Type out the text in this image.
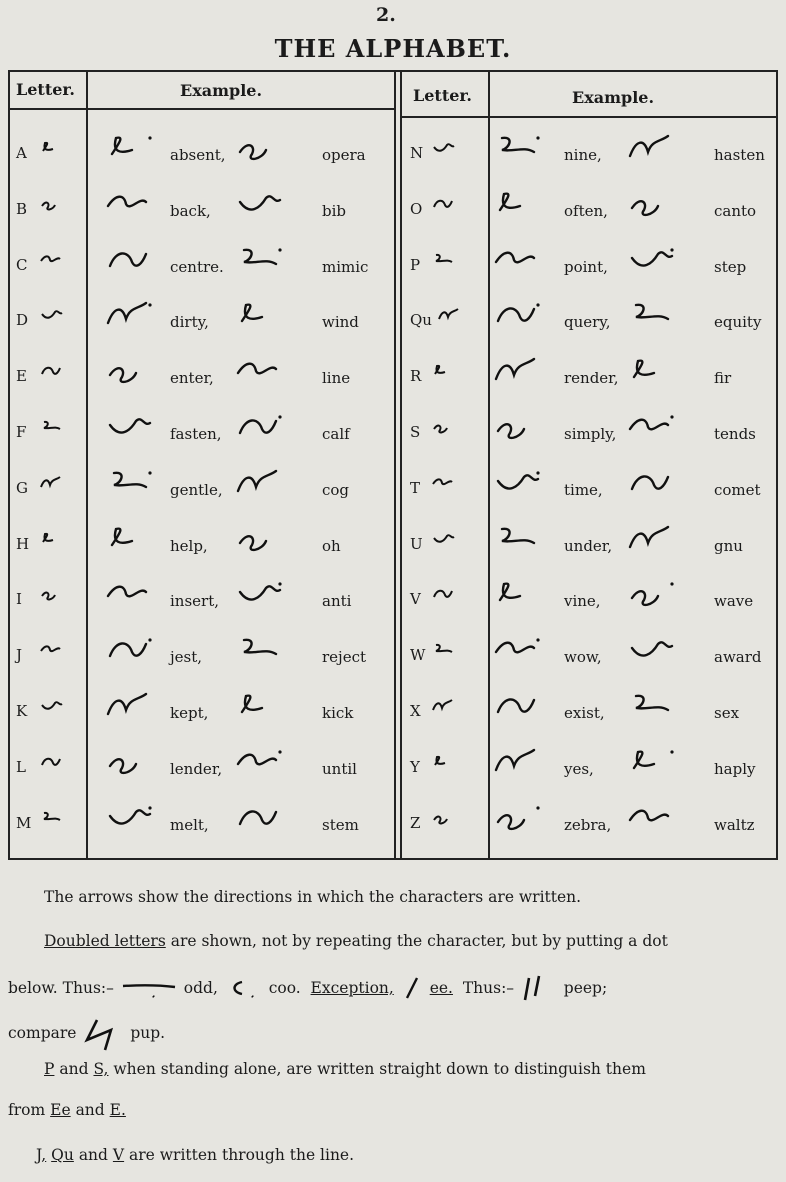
2.
THE ALPHABET.
Letter.	Example.	Letter.	Example.
A	absent,	opera
B	back,	bib
C	centre.	mimic
D	dirty,	wind
E	enter,	line
F	fasten,	calf
G	gentle,	cog
H	help,	oh
I	insert,	anti
J	jest,	reject
K	kept,	kick
L	lender,	until
M	melt,	stem
N	nine,	hasten
O	often,	canto
P	point,	step
Qu	query,	equity
R	render,	fir
S	simply,	tends
T	time,	comet
U	under,	gnu
V	vine,	wave
W	wow,	award
X	exist,	sex
Y	yes,	haply
Z	zebra,	waltz
The arrows show the directions in which the characters are written.
Doubled letters are shown, not by repeating the character, but by putting a dot
below. Thus:–	odd,	coo. Exception, ee. Thus:–	peep;
compare	pup.
P and S, when standing alone, are written straight down to distinguish them
from Ee and E.
J, Qu and V are written through the line.
